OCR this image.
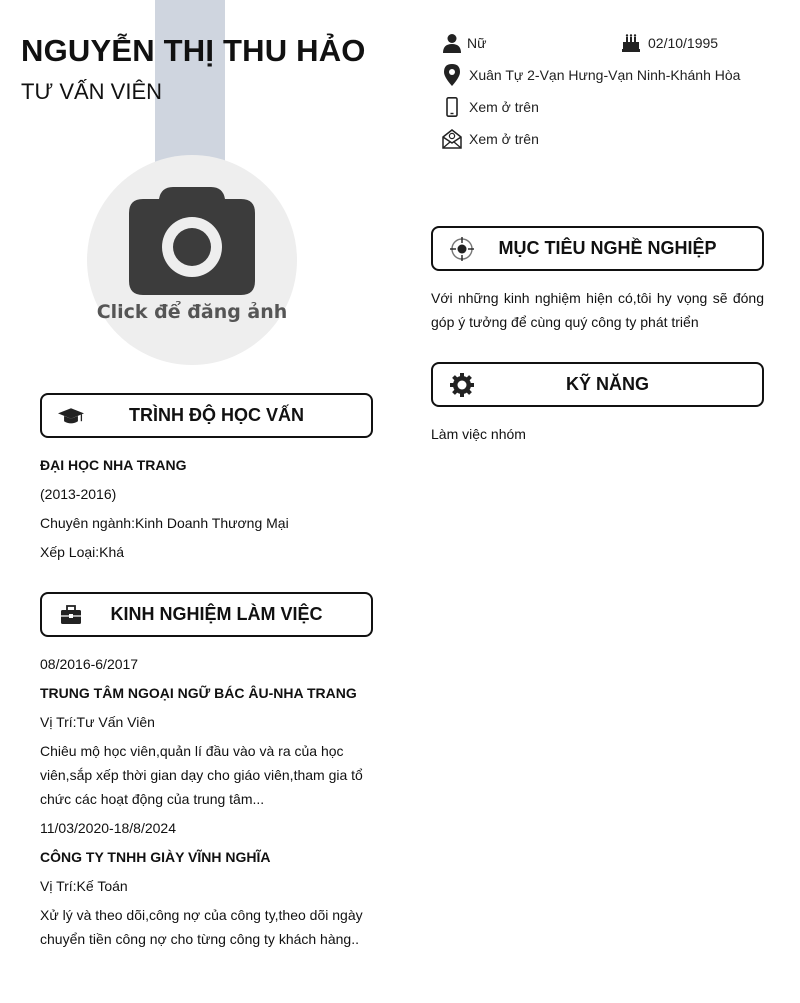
NGUYỄN THỊ THU HẢO
TƯ VẤN VIÊN
Click để đăng ảnh
Nữ	02/10/1995
Xuân Tự 2-Vạn Hưng-Vạn Ninh-Khánh Hòa
Xem ở trên
Xem ở trên
MỤC TIÊU NGHỀ NGHIỆP
Với những kinh nghiệm hiện có,tôi hy vọng sẽ đóng góp ý tưởng để cùng quý công ty phát triển
KỸ NĂNG
Làm việc nhóm
TRÌNH ĐỘ HỌC VẤN
ĐẠI HỌC NHA TRANG
(2013-2016)
Chuyên ngành:Kinh Doanh Thương Mại
Xếp Loại:Khá
KINH NGHIỆM LÀM VIỆC
08/2016-6/2017
TRUNG TÂM NGOẠI NGỮ BÁC ÂU-NHA TRANG
Vị Trí:Tư Vấn Viên
Chiêu mộ học viên,quản lí đầu vào và ra của học viên,sắp xếp thời gian dạy cho giáo viên,tham gia tổ chức các hoạt động của trung tâm...
11/03/2020-18/8/2024
CÔNG TY TNHH GIÀY VĨNH NGHĨA
Vị Trí:Kế Toán
Xử lý và theo dõi,công nợ của công ty,theo dõi ngày chuyển tiền công nợ cho từng công ty khách hàng..
